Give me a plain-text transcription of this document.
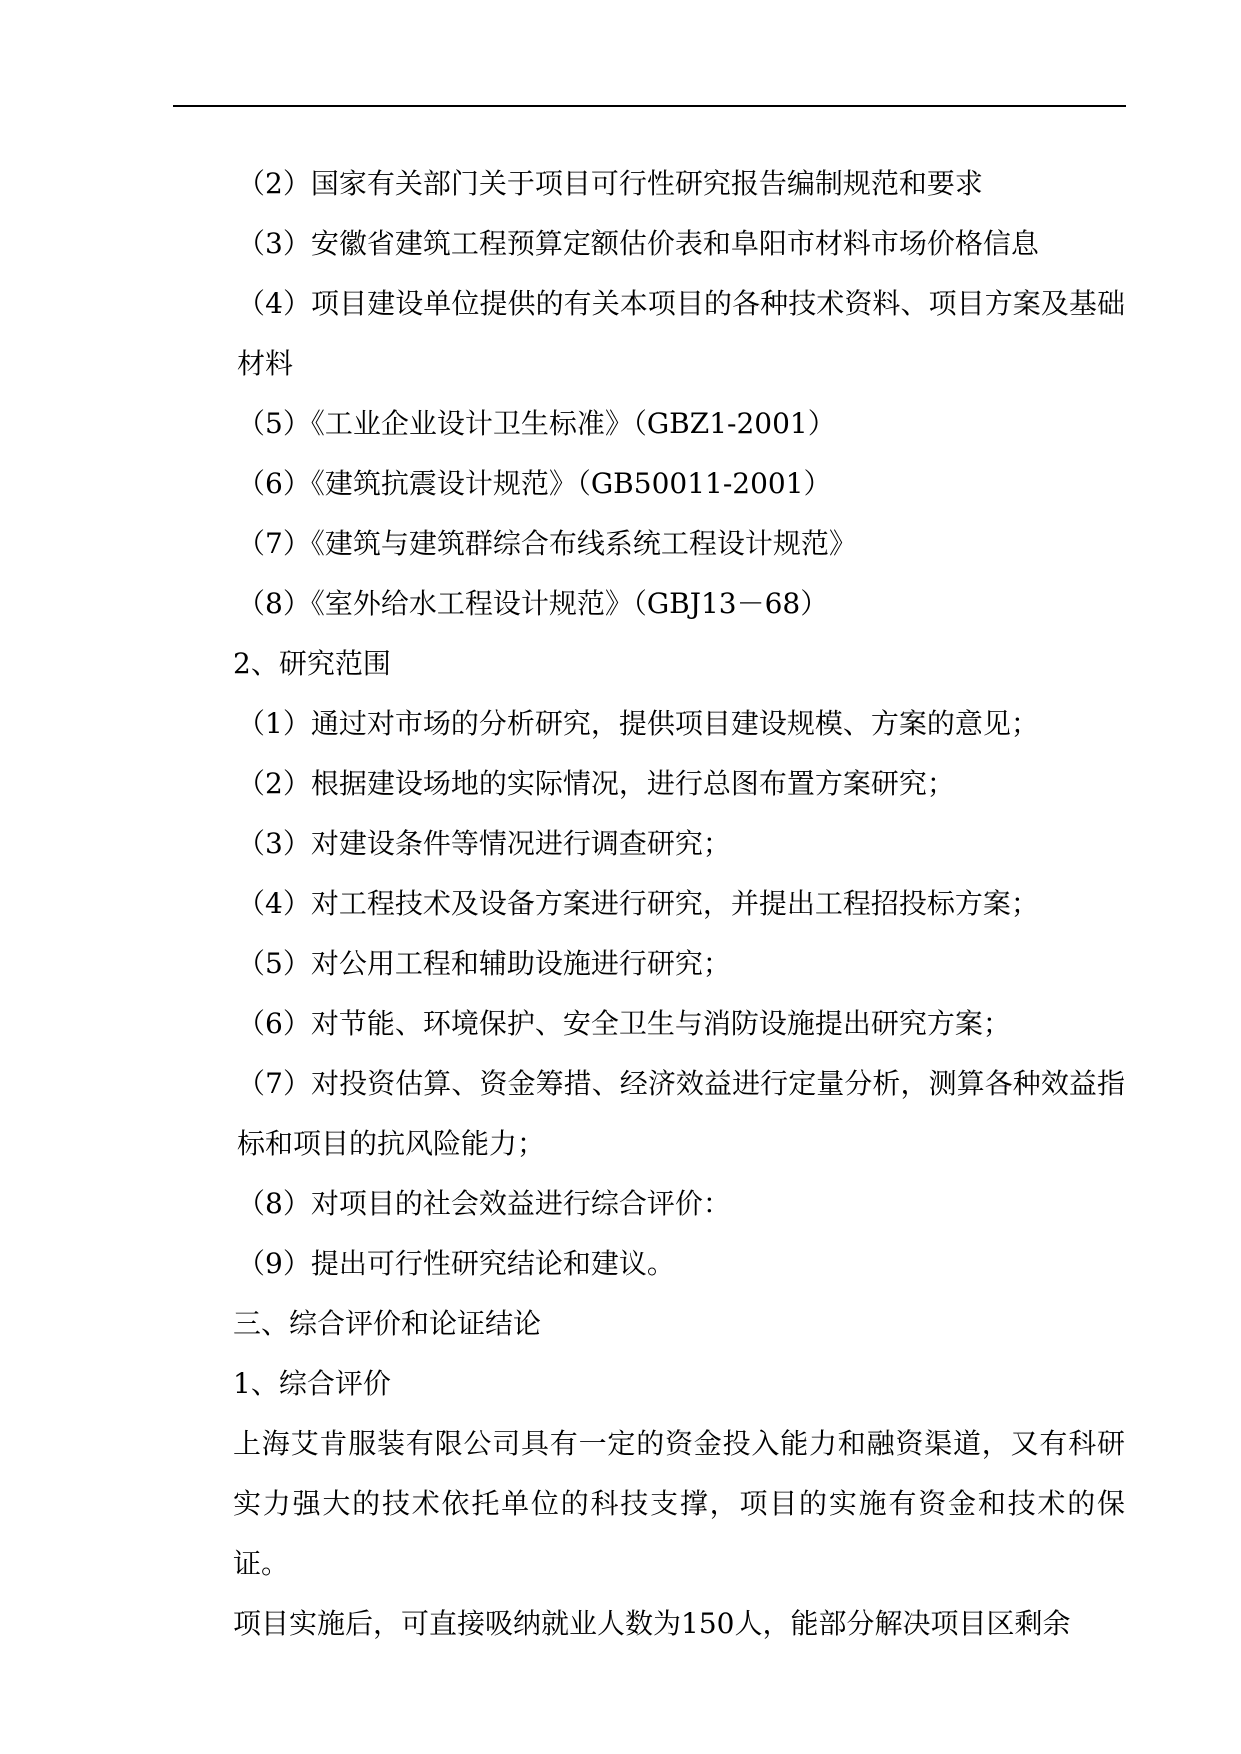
（2）国家有关部门关于项目可行性研究报告编制规范和要求

（3）安徽省建筑工程预算定额估价表和阜阳市材料市场价格信息

（4）项目建设单位提供的有关本项目的各种技术资料、项目方案及基础材料

（5）《工业企业设计卫生标准》（GBZ1-2001）

（6）《建筑抗震设计规范》（GB50011-2001）

（7）《建筑与建筑群综合布线系统工程设计规范》

（8）《室外给水工程设计规范》（GBJ13－68）

2、研究范围

（1）通过对市场的分析研究，提供项目建设规模、方案的意见；

（2）根据建设场地的实际情况，进行总图布置方案研究；

（3）对建设条件等情况进行调查研究；

（4）对工程技术及设备方案进行研究，并提出工程招投标方案；

（5）对公用工程和辅助设施进行研究；

（6）对节能、环境保护、安全卫生与消防设施提出研究方案；

（7）对投资估算、资金筹措、经济效益进行定量分析，测算各种效益指标和项目的抗风险能力；

（8）对项目的社会效益进行综合评价：

（9）提出可行性研究结论和建议。

三、综合评价和论证结论

1、综合评价

上海艾肯服装有限公司具有一定的资金投入能力和融资渠道，又有科研实力强大的技术依托单位的科技支撑，项目的实施有资金和技术的保证。

项目实施后，可直接吸纳就业人数为150人，能部分解决项目区剩余
